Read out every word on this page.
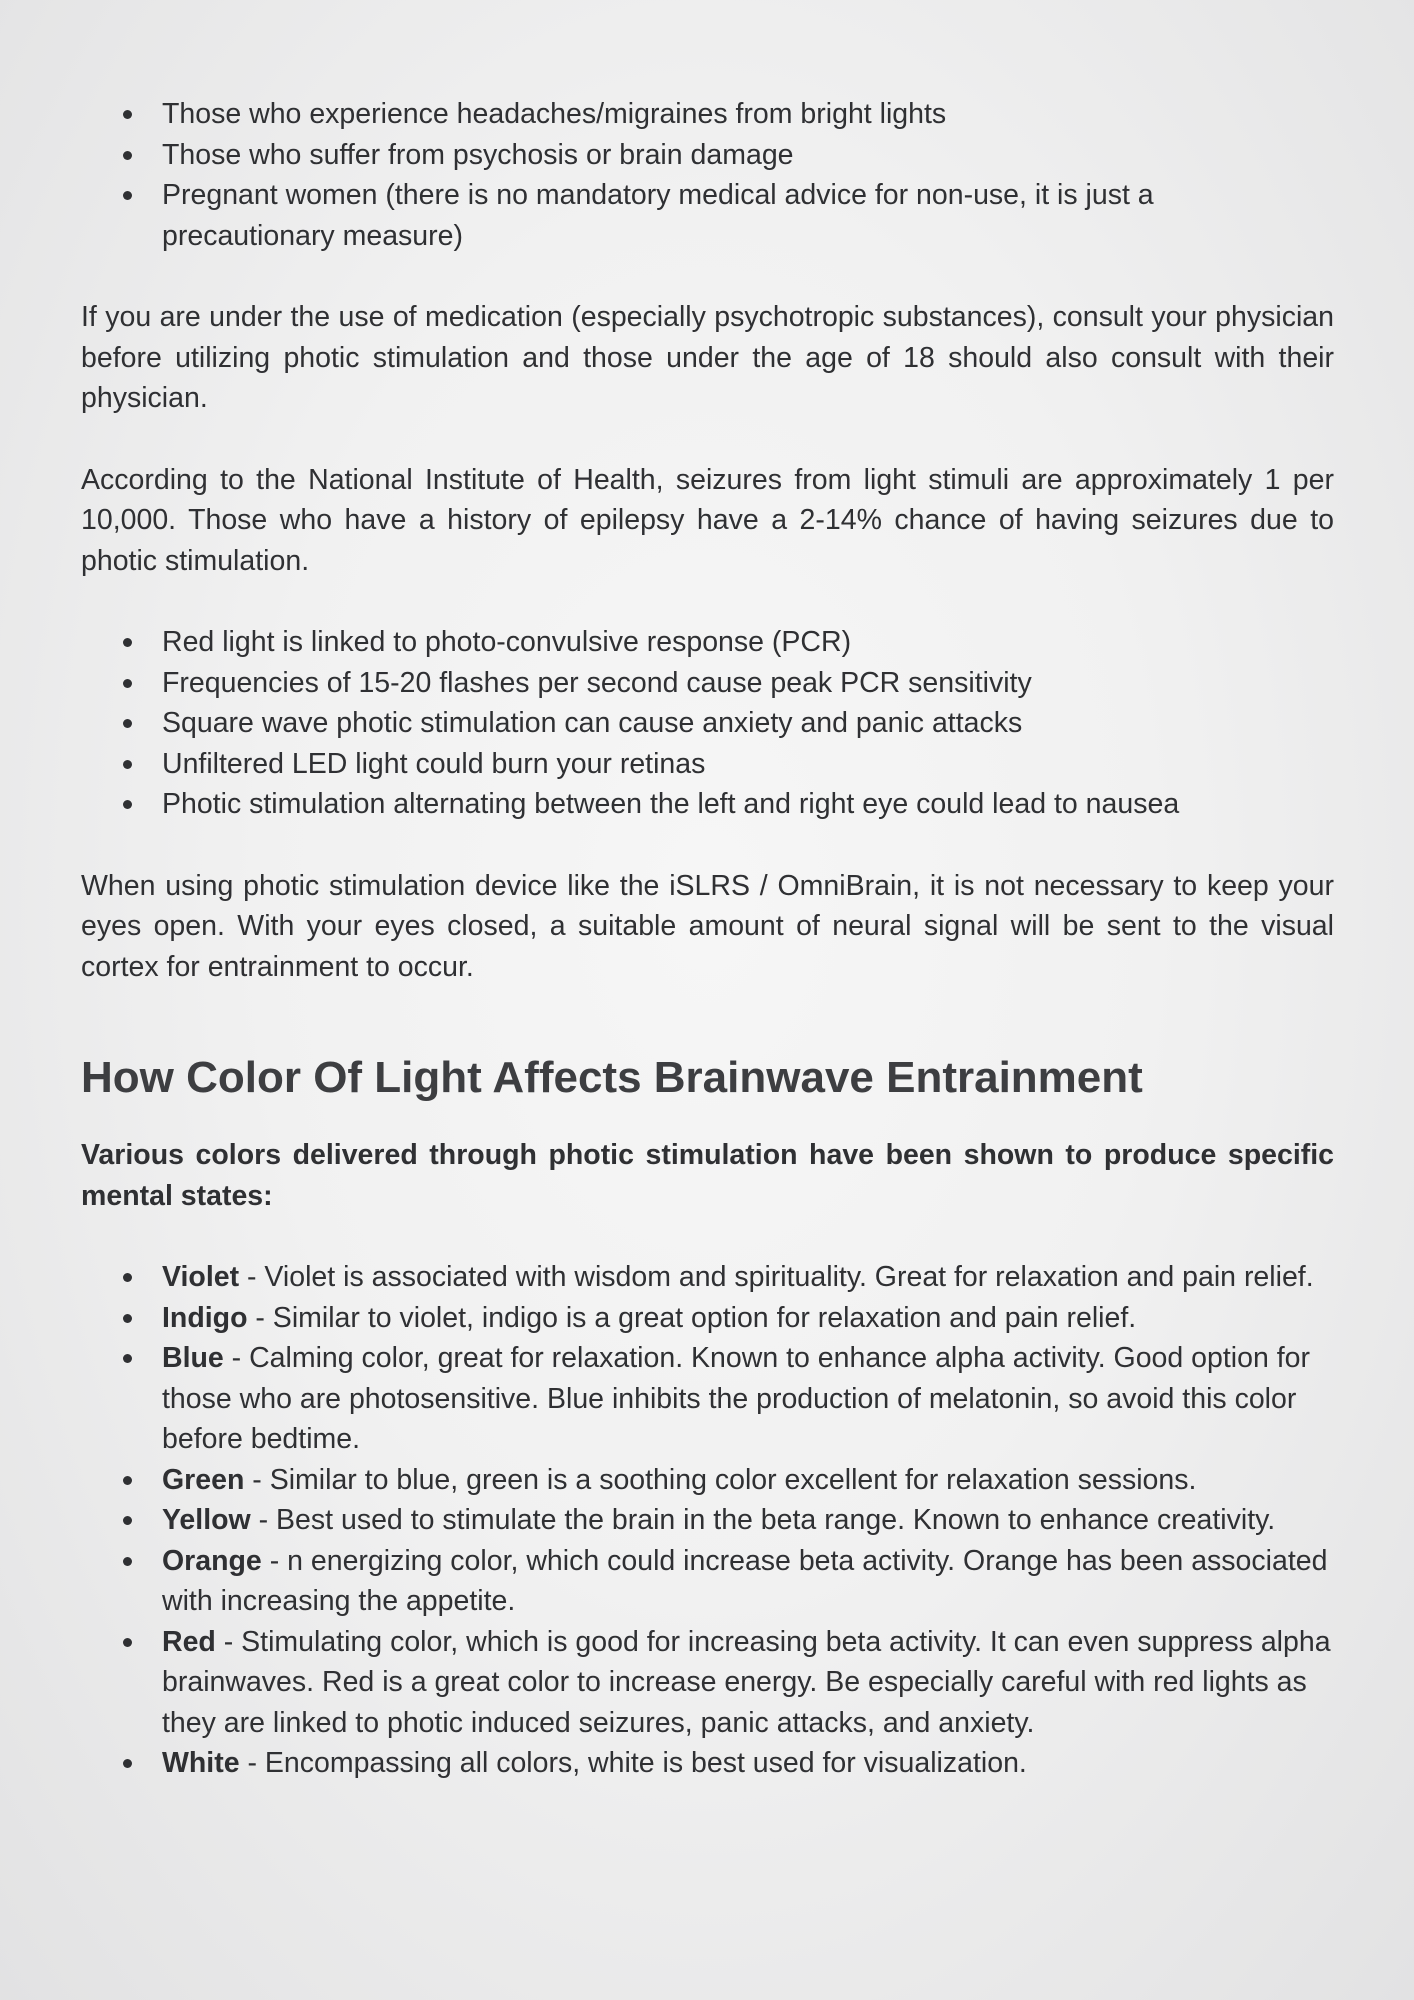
Those who experience headaches/migraines from bright lights
Those who suffer from psychosis or brain damage
Pregnant women (there is no mandatory medical advice for non-use, it is just a precautionary measure)

If you are under the use of medication (especially psychotropic substances), consult your physician before utilizing photic stimulation and those under the age of 18 should also consult with their physician.

According to the National Institute of Health, seizures from light stimuli are approximately 1 per 10,000. Those who have a history of epilepsy have a 2-14% chance of having seizures due to photic stimulation.

Red light is linked to photo-convulsive response (PCR)
Frequencies of 15-20 flashes per second cause peak PCR sensitivity
Square wave photic stimulation can cause anxiety and panic attacks
Unfiltered LED light could burn your retinas
Photic stimulation alternating between the left and right eye could lead to nausea

When using photic stimulation device like the iSLRS / OmniBrain, it is not necessary to keep your eyes open. With your eyes closed, a suitable amount of neural signal will be sent to the visual cortex for entrainment to occur.

How Color Of Light Affects Brainwave Entrainment

Various colors delivered through photic stimulation have been shown to produce specific mental states:

Violet - Violet is associated with wisdom and spirituality. Great for relaxation and pain relief.
Indigo - Similar to violet, indigo is a great option for relaxation and pain relief.
Blue - Calming color, great for relaxation. Known to enhance alpha activity. Good option for those who are photosensitive. Blue inhibits the production of melatonin, so avoid this color before bedtime.
Green - Similar to blue, green is a soothing color excellent for relaxation sessions.
Yellow - Best used to stimulate the brain in the beta range. Known to enhance creativity.
Orange - n energizing color, which could increase beta activity. Orange has been associated with increasing the appetite.
Red - Stimulating color, which is good for increasing beta activity. It can even suppress alpha brainwaves. Red is a great color to increase energy. Be especially careful with red lights as they are linked to photic induced seizures, panic attacks, and anxiety.
White - Encompassing all colors, white is best used for visualization.
